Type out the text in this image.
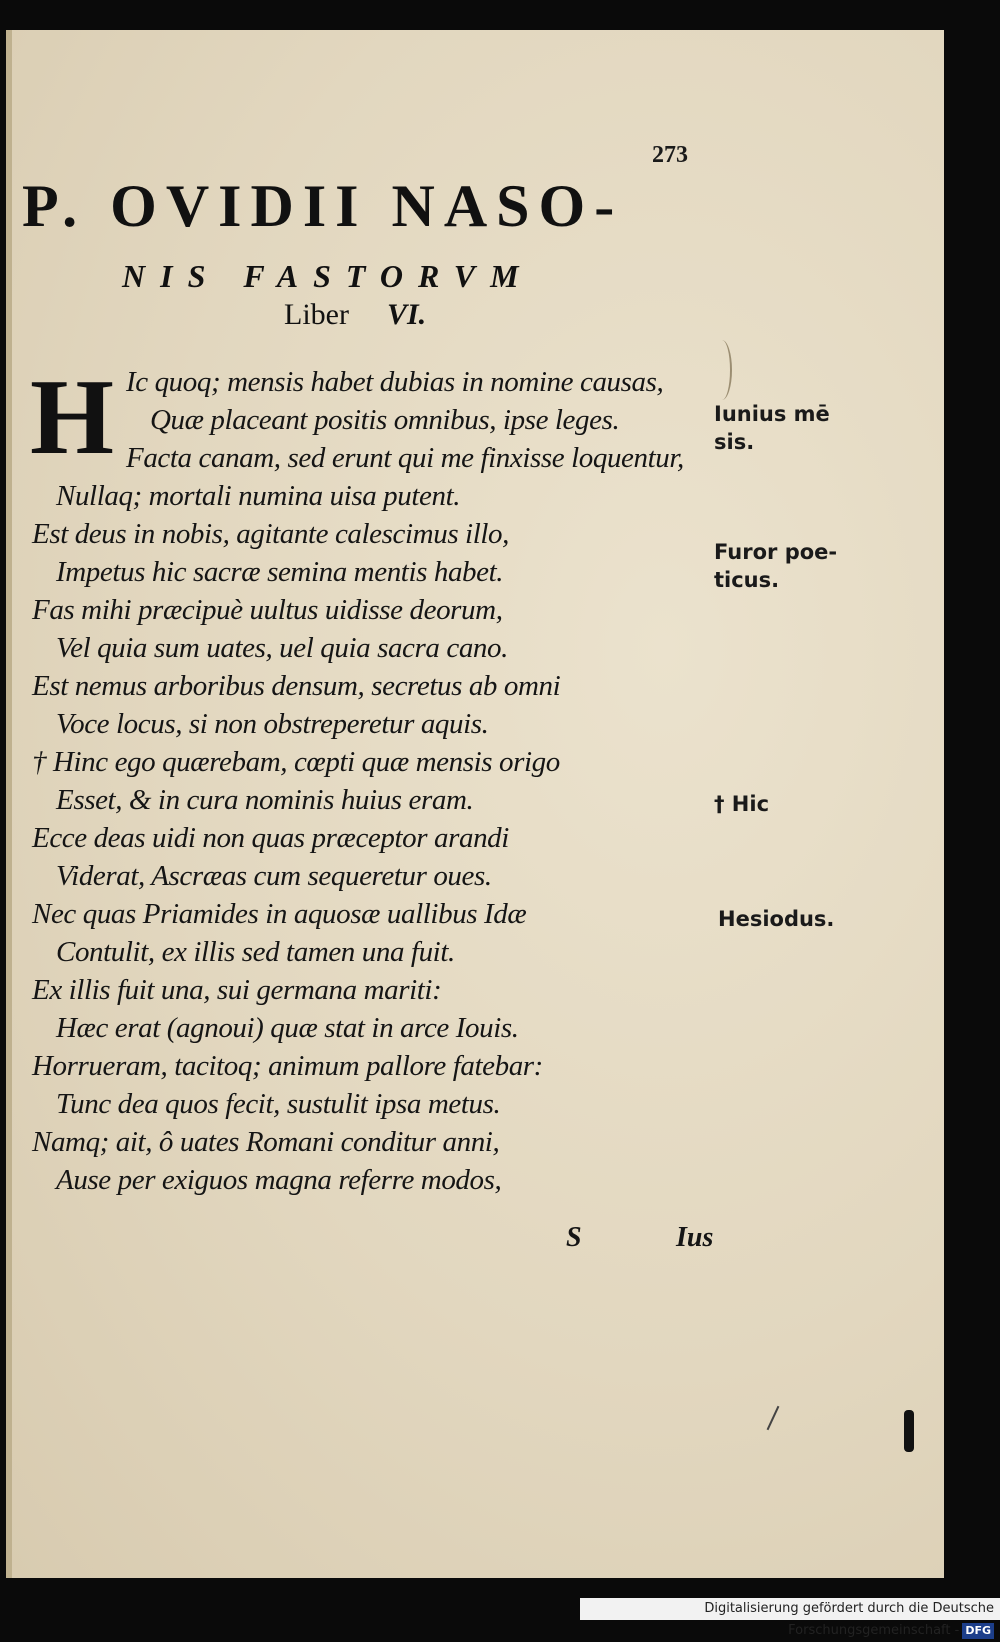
273
P. OVIDII NASO-
NIS FASTORVM
Liber VI.
H Ic quoq; mensis habet dubias in nomine causas,
Quæ placeant positis omnibus, ipse leges.
Facta canam, sed erunt qui me finxisse loquentur,
Nullaq; mortali numina uisa putent.
Est deus in nobis, agitante calescimus illo,
Impetus hic sacræ semina mentis habet.
Fas mihi præcipuè uultus uidisse deorum,
Vel quia sum uates, uel quia sacra cano.
Est nemus arboribus densum, secretus ab omni
Voce locus, si non obstreperetur aquis.
† Hinc ego quærebam, cœpti quæ mensis origo
Esset, & in cura nominis huius eram.
Ecce deas uidi non quas præceptor arandi
Viderat, Ascræas cum sequeretur oues.
Nec quas Priamides in aquosæ uallibus Idæ
Contulit, ex illis sed tamen una fuit.
Ex illis fuit una, sui germana mariti:
Hæc erat (agnoui) quæ stat in arce Iouis.
Horrueram, tacitoq; animum pallore fatebar:
Tunc dea quos fecit, sustulit ipsa metus.
Namq; ait, ô uates Romani conditur anni,
Ause per exiguos magna referre modos,
Iunius mē
sis.
Furor poe-
ticus.
† Hic
Hesiodus.
S	Ius
Digitalisierung gefördert durch die Deutsche Forschungsgemeinschaft - DFG
